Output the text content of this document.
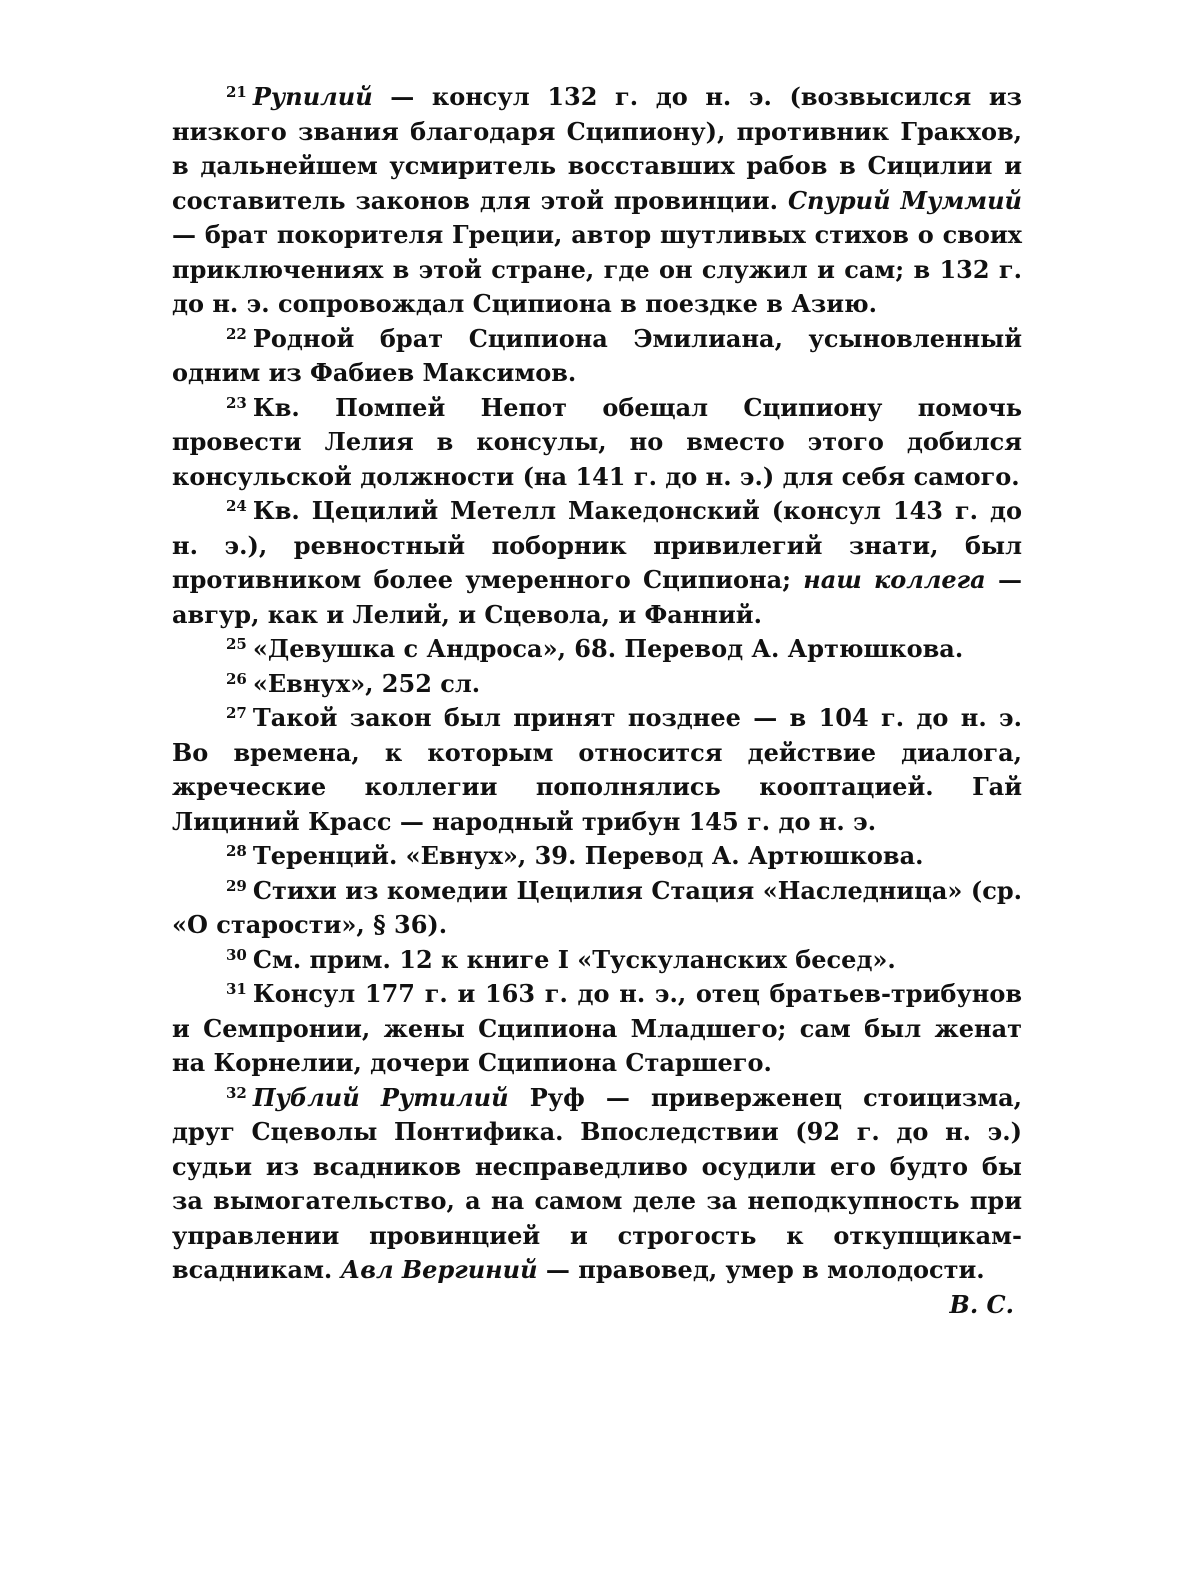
$^{21}$ Рупилий — консул 132 г. до н. э. (возвысился из низкого звания благодаря Сципиону), противник Гракхов, в дальнейшем усмиритель восставших рабов в Сицилии и составитель законов для этой провинции. Спурий Муммий — брат покорителя Греции, автор шутливых стихов о своих приключениях в этой стране, где он служил и сам; в 132 г. до н. э. сопровождал Сципиона в поездке в Азию.

$^{22}$ Родной брат Сципиона Эмилиана, усыновленный одним из Фабиев Максимов.

$^{23}$ Кв. Помпей Непот обещал Сципиону помочь провести Лелия в консулы, но вместо этого добился консульской должности (на 141 г. до н. э.) для себя самого.

$^{24}$ Кв. Цецилий Метелл Македонский (консул 143 г. до н. э.), ревностный поборник привилегий знати, был противником более умеренного Сципиона; наш коллега — авгур, как и Лелий, и Сцевола, и Фанний.

$^{25}$ «Девушка с Андроса», 68. Перевод А. Артюшкова.

$^{26}$ «Евнух», 252 сл.

$^{27}$ Такой закон был принят позднее — в 104 г. до н. э. Во времена, к которым относится действие диалога, жреческие коллегии пополнялись кооптацией. Гай Лициний Красс — народный трибун 145 г. до н. э.

$^{28}$ Теренций. «Евнух», 39. Перевод А. Артюшкова.

$^{29}$ Стихи из комедии Цецилия Стация «Наследница» (ср. «О старости», § 36).

$^{30}$ См. прим. 12 к книге I «Тускуланских бесед».

$^{31}$ Консул 177 г. и 163 г. до н. э., отец братьев-трибунов и Семпронии, жены Сципиона Младшего; сам был женат на Корнелии, дочери Сципиона Старшего.

$^{32}$ Публий Рутилий Руф — приверженец стоицизма, друг Сцеволы Понтифика. Впоследствии (92 г. до н. э.) судьи из всадников несправедливо осудили его будто бы за вымогательство, а на самом деле за неподкупность при управлении провинцией и строгость к откупщикам-всадникам. Авл Вергиний — правовед, умер в молодости.

В. С.
